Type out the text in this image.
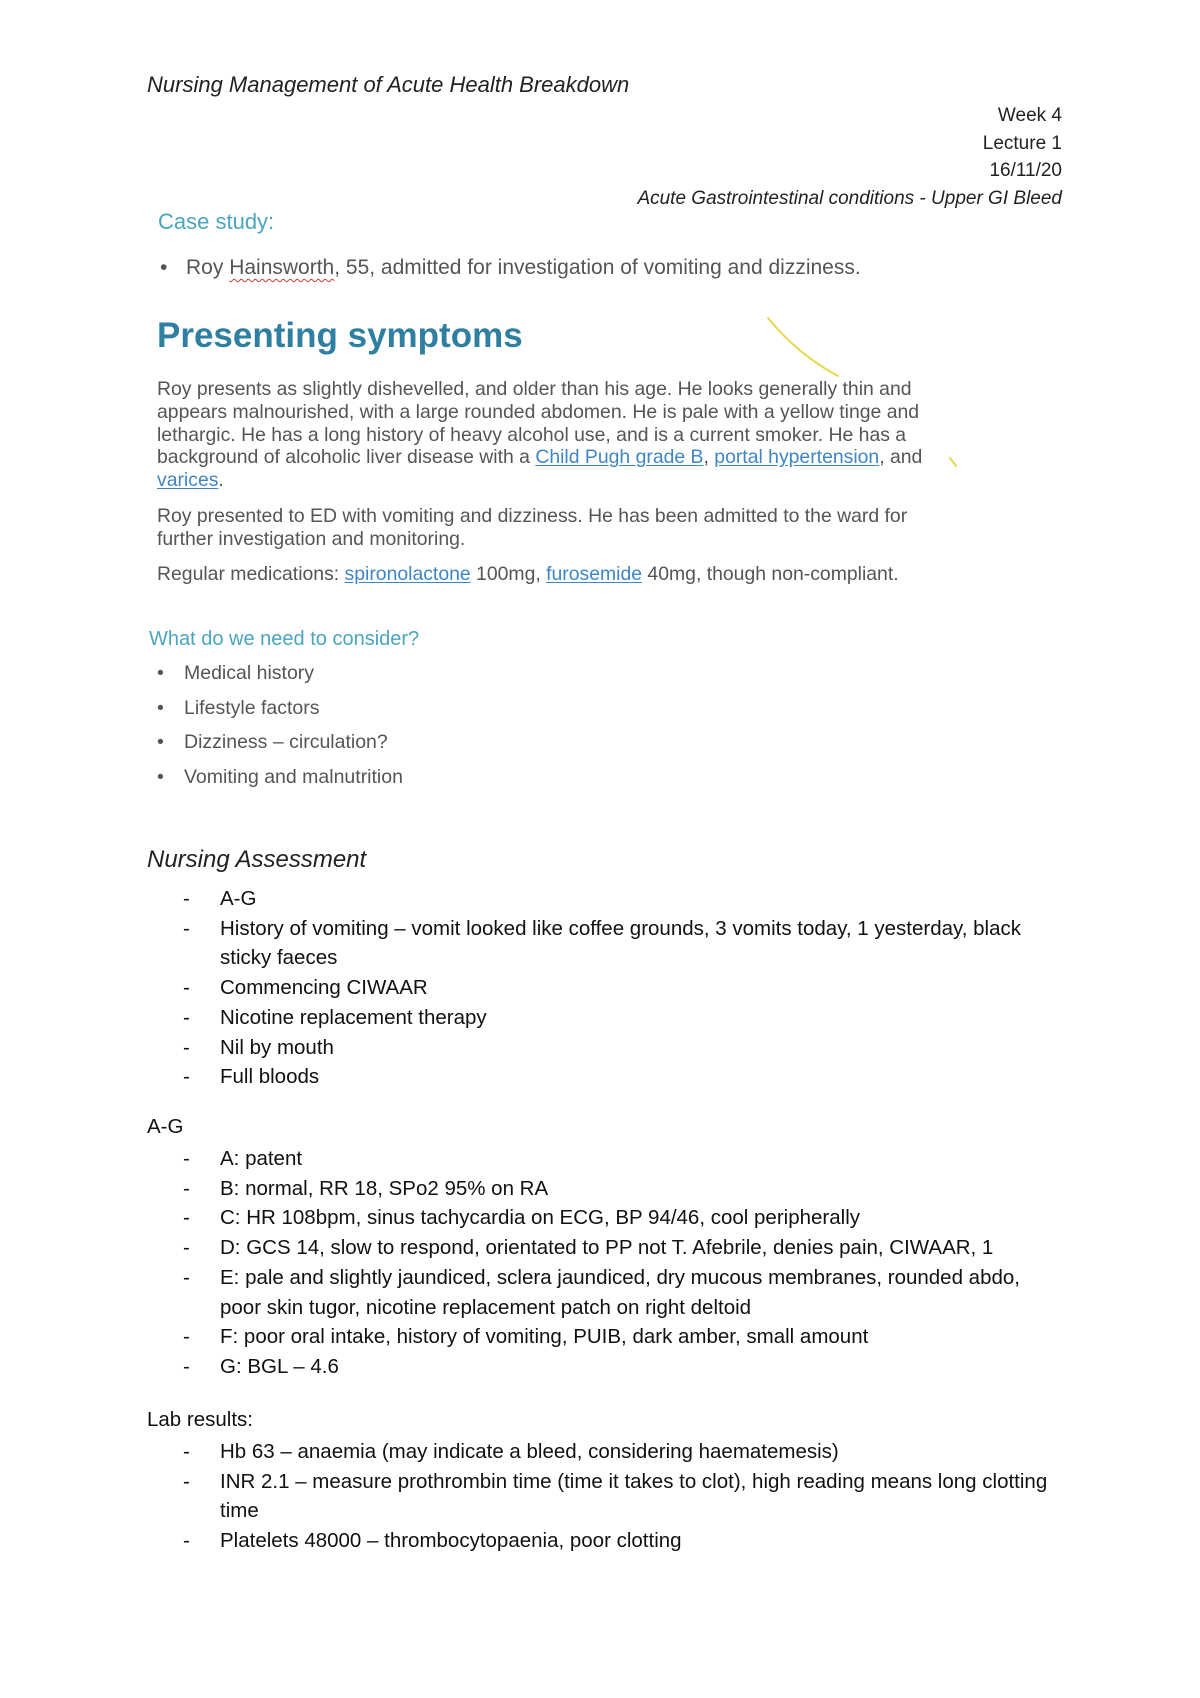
Nursing Management of Acute Health Breakdown
Week 4
Lecture 1
16/11/20
Acute Gastrointestinal conditions - Upper GI Bleed
Case study:
• Roy Hainsworth, 55, admitted for investigation of vomiting and dizziness.
Presenting symptoms
Roy presents as slightly dishevelled, and older than his age. He looks generally thin and appears malnourished, with a large rounded abdomen. He is pale with a yellow tinge and lethargic. He has a long history of heavy alcohol use, and is a current smoker. He has a background of alcoholic liver disease with a Child Pugh grade B, portal hypertension, and varices.
Roy presented to ED with vomiting and dizziness. He has been admitted to the ward for further investigation and monitoring.
Regular medications: spironolactone 100mg, furosemide 40mg, though non-compliant.
What do we need to consider?
• Medical history
• Lifestyle factors
• Dizziness – circulation?
• Vomiting and malnutrition
Nursing Assessment
- A-G
- History of vomiting – vomit looked like coffee grounds, 3 vomits today, 1 yesterday, black sticky faeces
- Commencing CIWAAR
- Nicotine replacement therapy
- Nil by mouth
- Full bloods
A-G
- A: patent
- B: normal, RR 18, SPo2 95% on RA
- C: HR 108bpm, sinus tachycardia on ECG, BP 94/46, cool peripherally
- D: GCS 14, slow to respond, orientated to PP not T. Afebrile, denies pain, CIWAAR, 1
- E: pale and slightly jaundiced, sclera jaundiced, dry mucous membranes, rounded abdo, poor skin tugor, nicotine replacement patch on right deltoid
- F: poor oral intake, history of vomiting, PUIB, dark amber, small amount
- G: BGL – 4.6
Lab results:
- Hb 63 – anaemia (may indicate a bleed, considering haematemesis)
- INR 2.1 – measure prothrombin time (time it takes to clot), high reading means long clotting time
- Platelets 48000 – thrombocytopaenia, poor clotting
